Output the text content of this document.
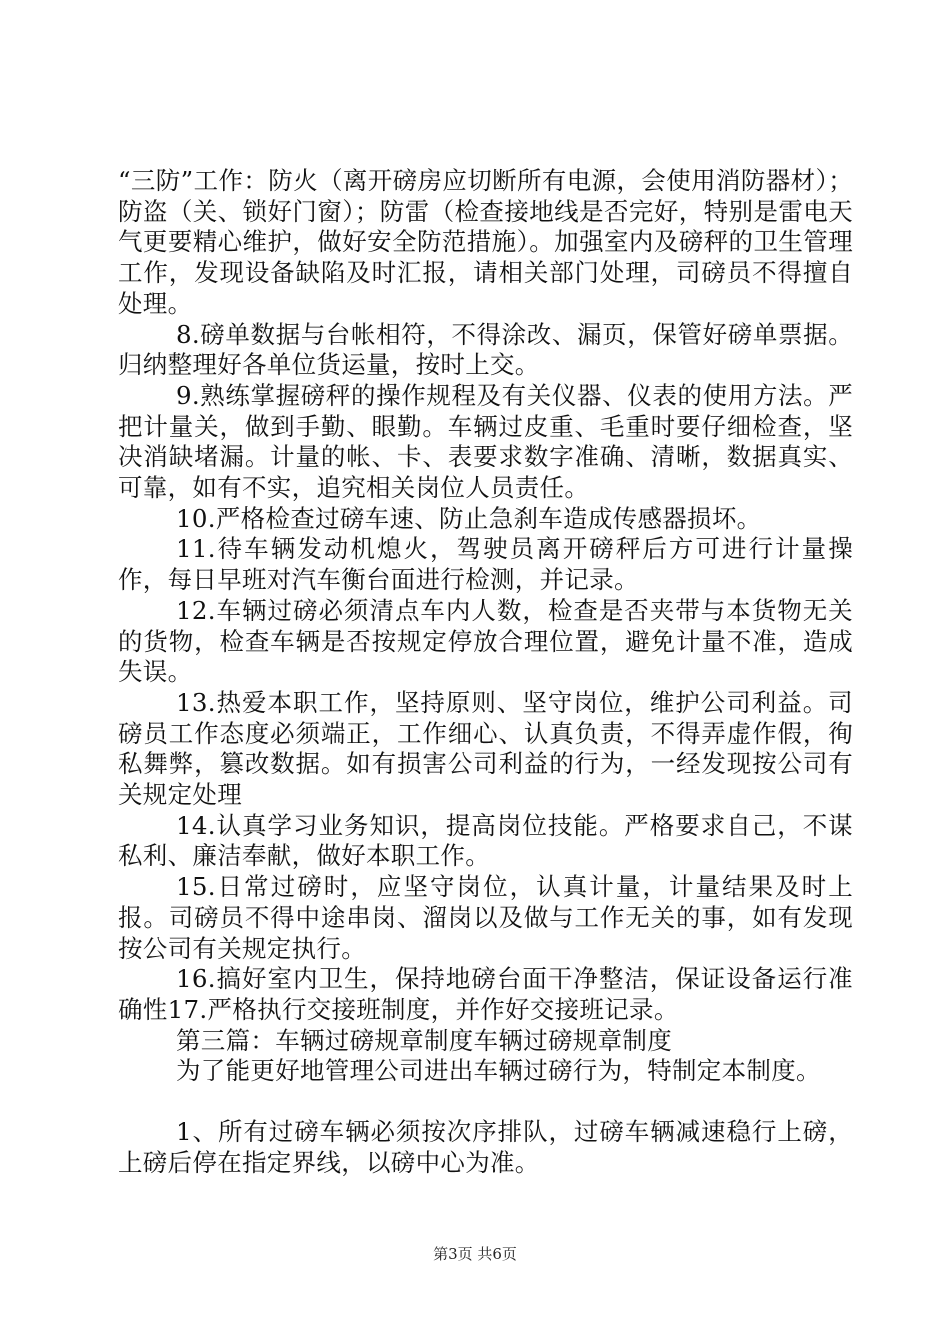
“三防”工作：防火（离开磅房应切断所有电源，会使用消防器材）；防盗（关、锁好门窗）；防雷（检查接地线是否完好，特别是雷电天气更要精心维护，做好安全防范措施）。加强室内及磅秤的卫生管理工作，发现设备缺陷及时汇报，请相关部门处理，司磅员不得擅自处理。

8.磅单数据与台帐相符，不得涂改、漏页，保管好磅单票据。归纳整理好各单位货运量，按时上交。

9.熟练掌握磅秤的操作规程及有关仪器、仪表的使用方法。严把计量关，做到手勤、眼勤。车辆过皮重、毛重时要仔细检查，坚决消缺堵漏。计量的帐、卡、表要求数字准确、清晰，数据真实、可靠，如有不实，追究相关岗位人员责任。

10.严格检查过磅车速、防止急刹车造成传感器损坏。

11.待车辆发动机熄火，驾驶员离开磅秤后方可进行计量操作，每日早班对汽车衡台面进行检测，并记录。

12.车辆过磅必须清点车内人数，检查是否夹带与本货物无关的货物，检查车辆是否按规定停放合理位置，避免计量不准，造成失误。

13.热爱本职工作，坚持原则、坚守岗位，维护公司利益。司磅员工作态度必须端正，工作细心、认真负责，不得弄虚作假，徇私舞弊，篡改数据。如有损害公司利益的行为，一经发现按公司有关规定处理

14.认真学习业务知识，提高岗位技能。严格要求自己，不谋私利、廉洁奉献，做好本职工作。

15.日常过磅时，应坚守岗位，认真计量，计量结果及时上报。司磅员不得中途串岗、溜岗以及做与工作无关的事，如有发现按公司有关规定执行。

16.搞好室内卫生，保持地磅台面干净整洁，保证设备运行准确性17.严格执行交接班制度，并作好交接班记录。

第三篇：车辆过磅规章制度车辆过磅规章制度

为了能更好地管理公司进出车辆过磅行为，特制定本制度。

1、所有过磅车辆必须按次序排队，过磅车辆减速稳行上磅，上磅后停在指定界线，以磅中心为准。

第3页 共6页
